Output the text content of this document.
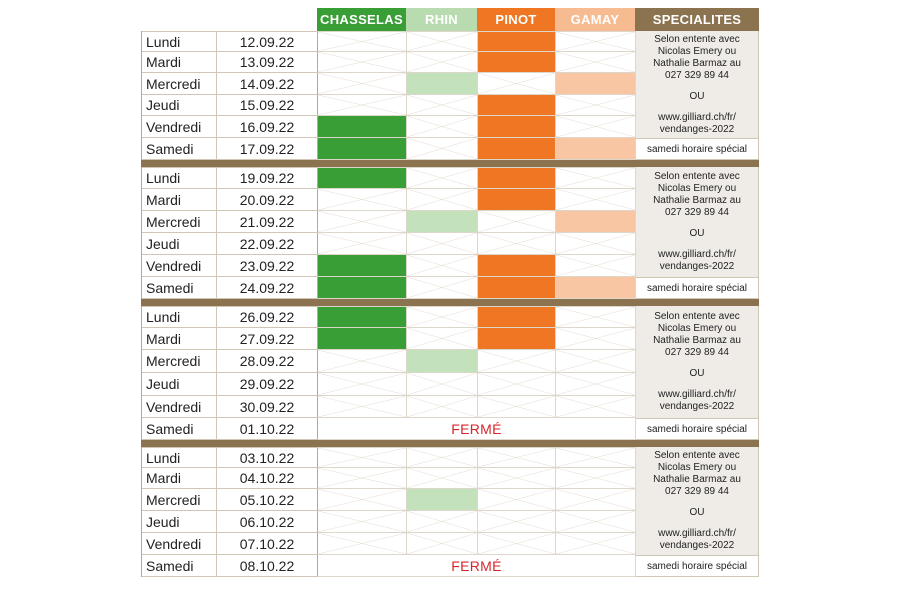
CHASSELAS	RHIN	PINOT	GAMAY	SPECIALITES
Lundi	12.09.22
Mardi	13.09.22
Mercredi	14.09.22
Jeudi	15.09.22
Vendredi	16.09.22
Samedi	17.09.22
Selon entente avec
Nicolas Emery ou
Nathalie Barmaz au
027 329 89 44
OU
www.gilliard.ch/fr/
vendanges-2022
samedi horaire spécial
Lundi	19.09.22
Mardi	20.09.22
Mercredi	21.09.22
Jeudi	22.09.22
Vendredi	23.09.22
Samedi	24.09.22
Selon entente avec
Nicolas Emery ou
Nathalie Barmaz au
027 329 89 44
OU
www.gilliard.ch/fr/
vendanges-2022
samedi horaire spécial
Lundi	26.09.22
Mardi	27.09.22
Mercredi	28.09.22
Jeudi	29.09.22
Vendredi	30.09.22
Samedi	01.10.22	FERMÉ
Selon entente avec
Nicolas Emery ou
Nathalie Barmaz au
027 329 89 44
OU
www.gilliard.ch/fr/
vendanges-2022
samedi horaire spécial
Lundi	03.10.22
Mardi	04.10.22
Mercredi	05.10.22
Jeudi	06.10.22
Vendredi	07.10.22
Samedi	08.10.22	FERMÉ
Selon entente avec
Nicolas Emery ou
Nathalie Barmaz au
027 329 89 44
OU
www.gilliard.ch/fr/
vendanges-2022
samedi horaire spécial
